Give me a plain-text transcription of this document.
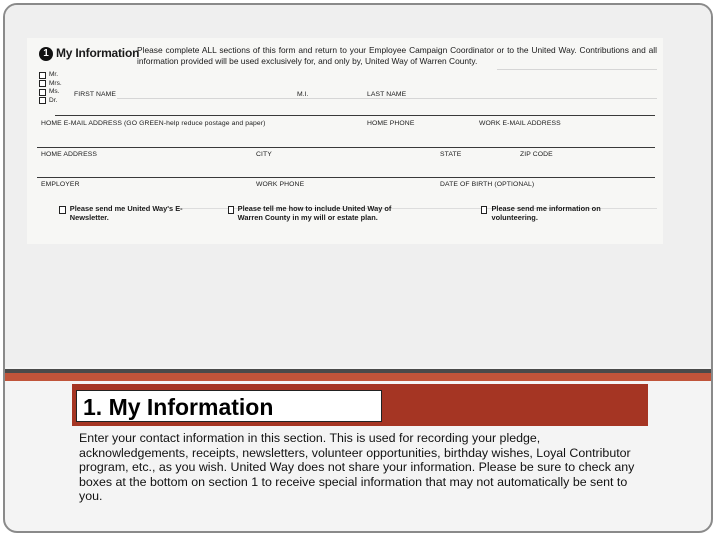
1 My Information
Please complete ALL sections of this form and return to your Employee Campaign Coordinator or to the United Way. Contributions and all information provided will be used exclusively for, and only by, United Way of Warren County.
Mr.
Mrs.
Ms.
Dr.
FIRST NAME	M.I.	LAST NAME
HOME E-MAIL ADDRESS (GO GREEN-help reduce postage and paper)	HOME PHONE	WORK E-MAIL ADDRESS
HOME ADDRESS	CITY	STATE	ZIP CODE
EMPLOYER	WORK PHONE	DATE OF BIRTH (OPTIONAL)
Please send me United Way's E-Newsletter.
Please tell me how to include United Way of Warren County in my will or estate plan.
Please send me information on volunteering.
1. My Information
Enter your contact information in this section. This is used for recording your pledge, acknowledgements, receipts, newsletters, volunteer opportunities, birthday wishes, Loyal Contributor program, etc., as you wish. United Way does not share your information. Please be sure to check any boxes at the bottom on section 1 to receive special information that may not automatically be sent to you.
